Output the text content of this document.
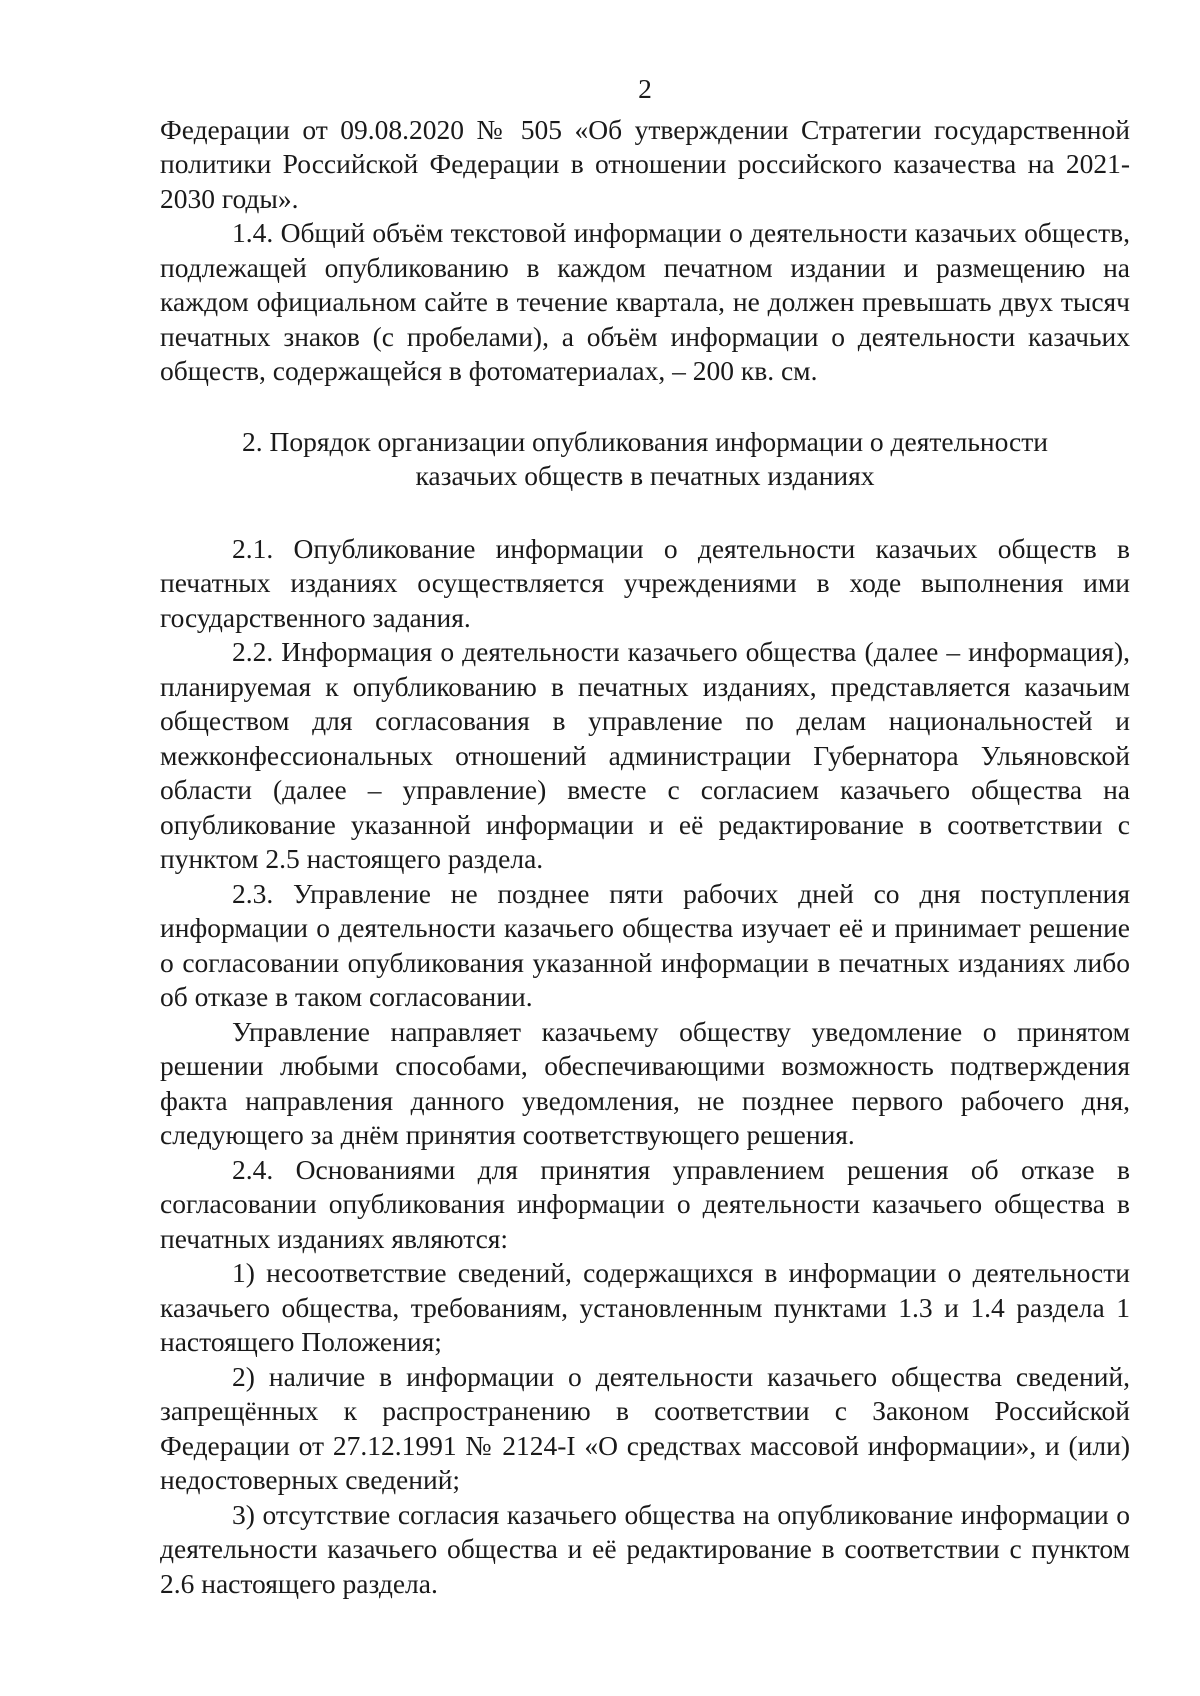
2

Федерации от 09.08.2020 № 505 «Об утверждении Стратегии государственной политики Российской Федерации в отношении российского казачества на 2021-2030 годы».

1.4. Общий объём текстовой информации о деятельности казачьих обществ, подлежащей опубликованию в каждом печатном издании и размещению на каждом официальном сайте в течение квартала, не должен превышать двух тысяч печатных знаков (с пробелами), а объём информации о деятельности казачьих обществ, содержащейся в фотоматериалах, – 200 кв. см.

2. Порядок организации опубликования информации о деятельности
казачьих обществ в печатных изданиях

2.1. Опубликование информации о деятельности казачьих обществ в печатных изданиях осуществляется учреждениями в ходе выполнения ими государственного задания.

2.2. Информация о деятельности казачьего общества (далее – информация), планируемая к опубликованию в печатных изданиях, представляется казачьим обществом для согласования в управление по делам национальностей и межконфессиональных отношений администрации Губернатора Ульяновской области (далее – управление) вместе с согласием казачьего общества на опубликование указанной информации и её редактирование в соответствии с пунктом 2.5 настоящего раздела.

2.3. Управление не позднее пяти рабочих дней со дня поступления информации о деятельности казачьего общества изучает её и принимает решение о согласовании опубликования указанной информации в печатных изданиях либо об отказе в таком согласовании.

Управление направляет казачьему обществу уведомление о принятом решении любыми способами, обеспечивающими возможность подтверждения факта направления данного уведомления, не позднее первого рабочего дня, следующего за днём принятия соответствующего решения.

2.4. Основаниями для принятия управлением решения об отказе в согласовании опубликования информации о деятельности казачьего общества в печатных изданиях являются:

1) несоответствие сведений, содержащихся в информации о деятельности казачьего общества, требованиям, установленным пунктами 1.3 и 1.4 раздела 1 настоящего Положения;

2) наличие в информации о деятельности казачьего общества сведений, запрещённых к распространению в соответствии с Законом Российской Федерации от 27.12.1991 № 2124-I «О средствах массовой информации», и (или) недостоверных сведений;

3) отсутствие согласия казачьего общества на опубликование информации о деятельности казачьего общества и её редактирование в соответствии с пунктом 2.6 настоящего раздела.
